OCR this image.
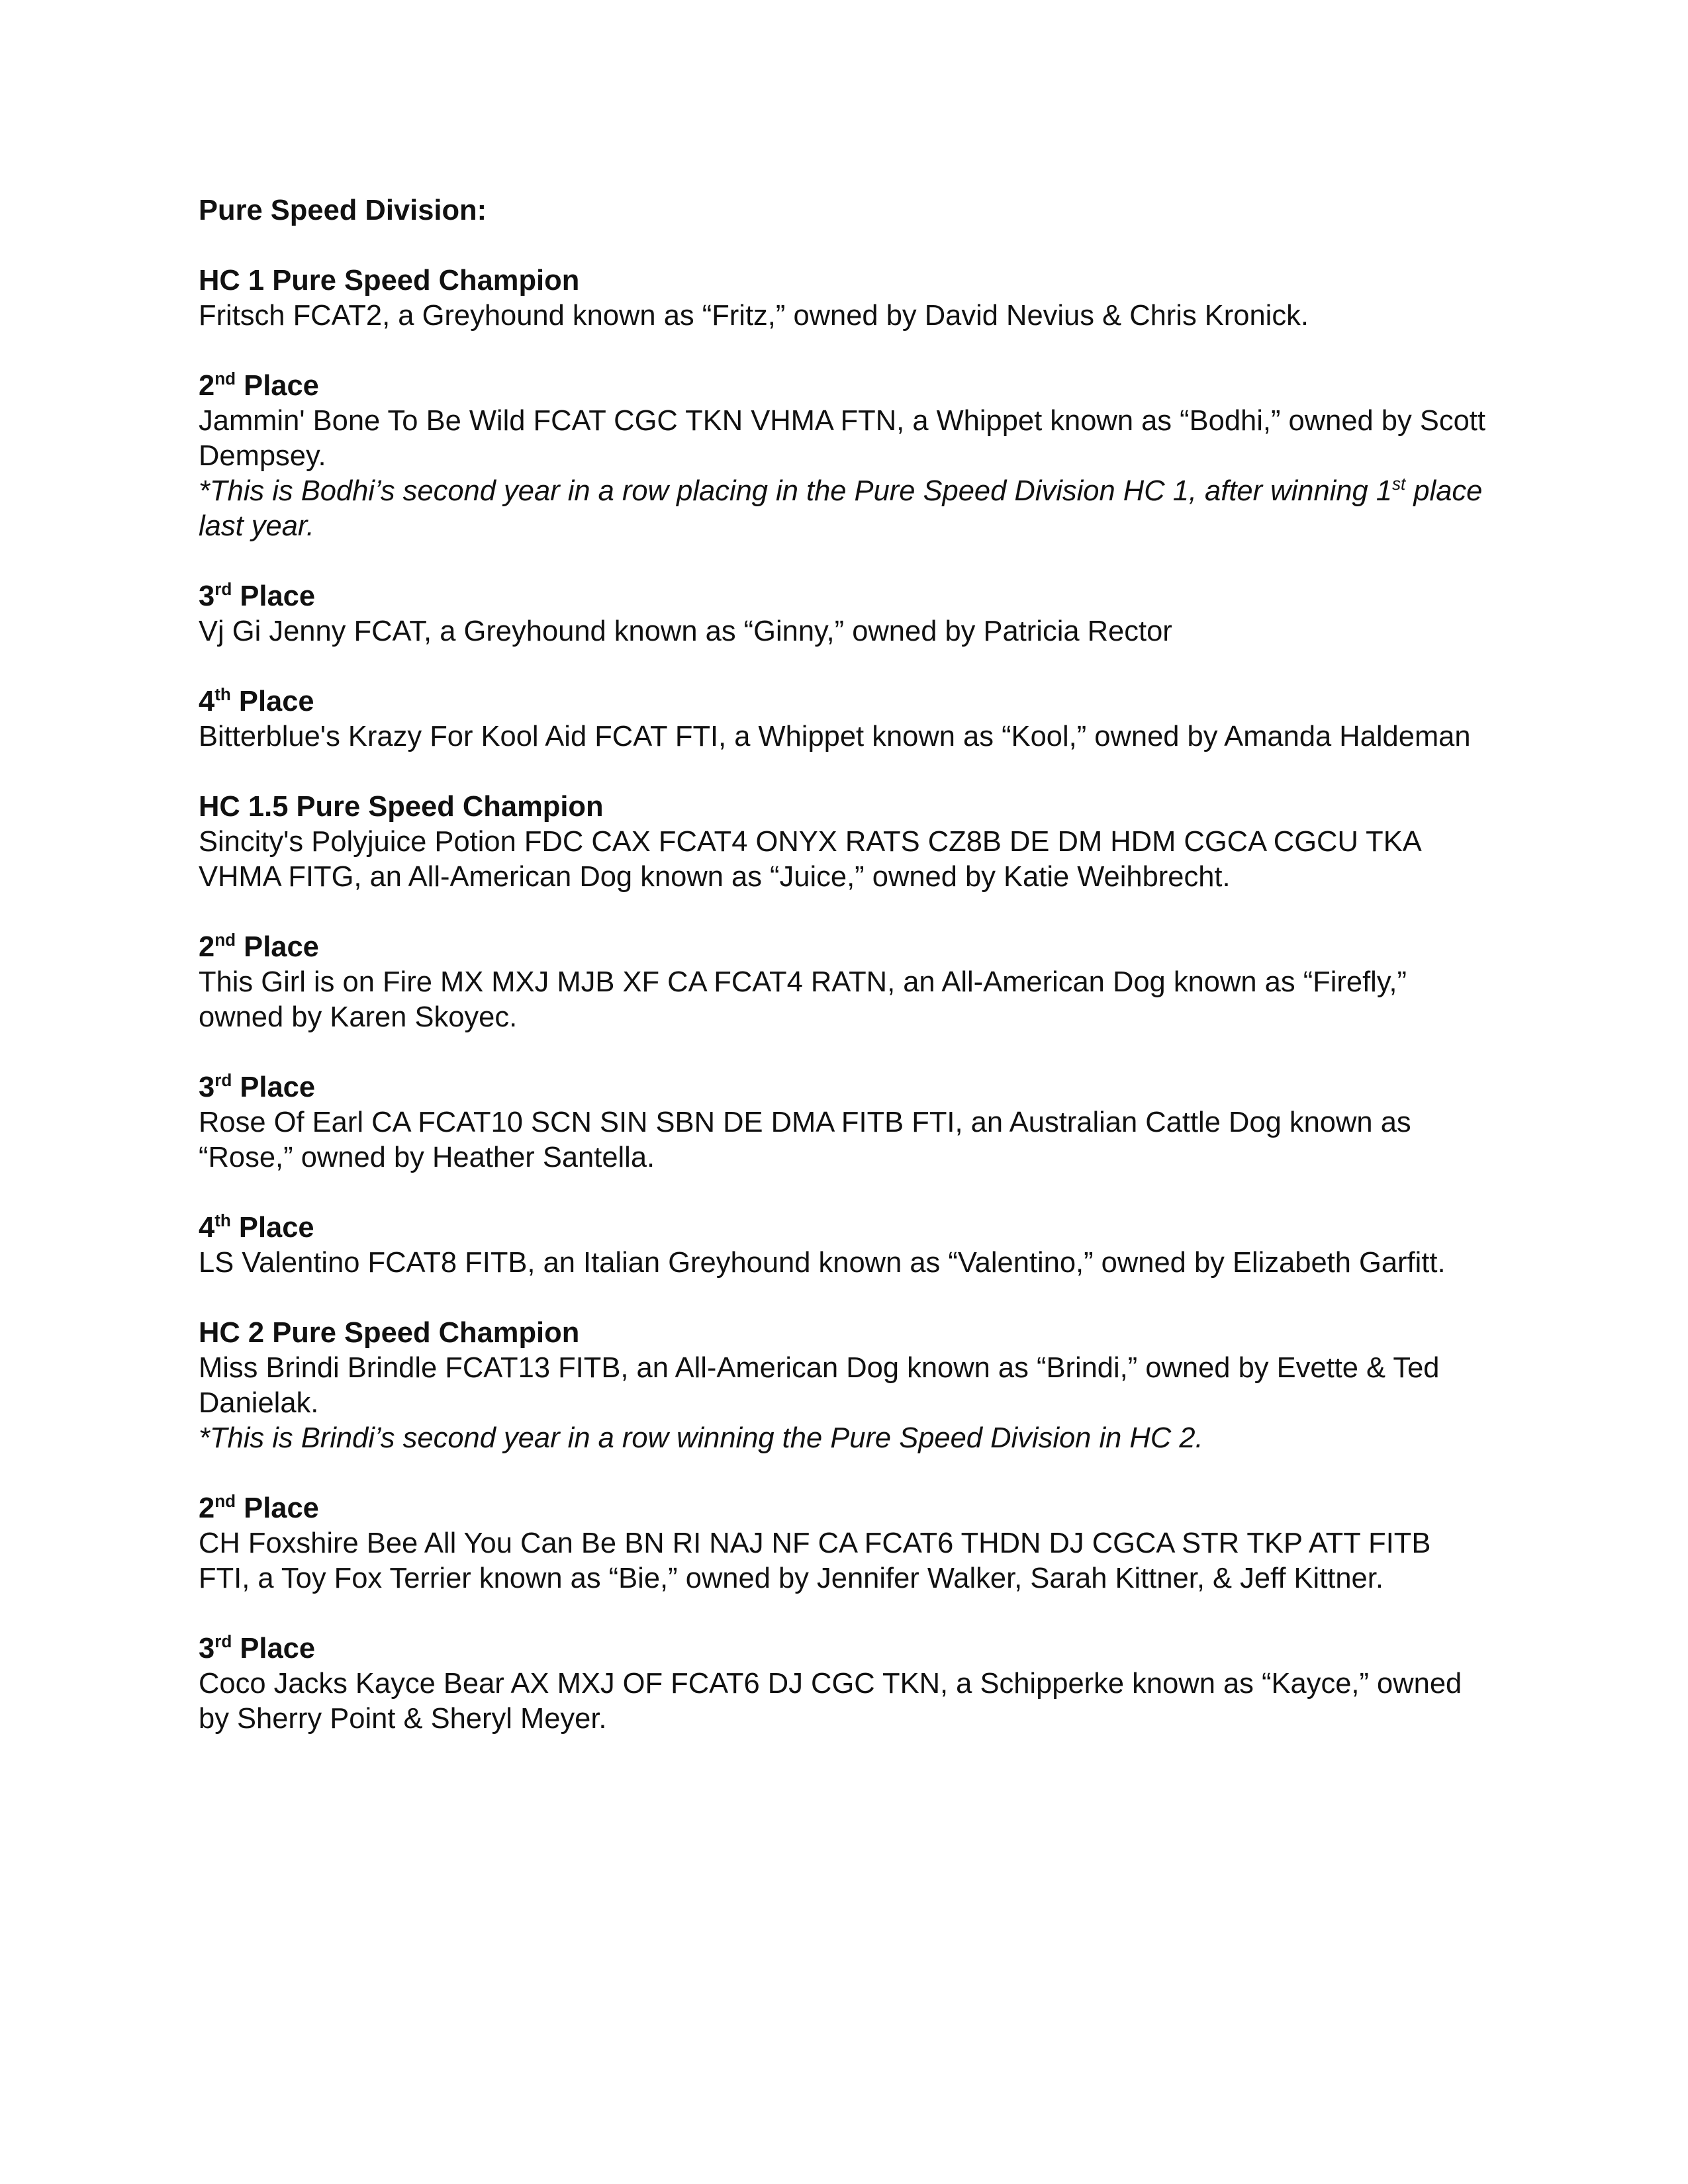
Pure Speed Division:

HC 1 Pure Speed Champion

Fritsch FCAT2, a Greyhound known as “Fritz,” owned by David Nevius & Chris Kronick.

2nd Place

Jammin' Bone To Be Wild FCAT CGC TKN VHMA FTN, a Whippet known as “Bodhi,” owned by Scott Dempsey.

*This is Bodhi’s second year in a row placing in the Pure Speed Division HC 1, after winning 1st place last year.

3rd Place

Vj Gi Jenny FCAT, a Greyhound known as “Ginny,” owned by Patricia Rector

4th Place

Bitterblue's Krazy For Kool Aid FCAT FTI, a Whippet known as “Kool,” owned by Amanda Haldeman

HC 1.5 Pure Speed Champion

Sincity's Polyjuice Potion FDC CAX FCAT4 ONYX RATS CZ8B DE DM HDM CGCA CGCU TKA VHMA FITG, an All-American Dog known as “Juice,” owned by Katie Weihbrecht.

2nd Place

This Girl is on Fire MX MXJ MJB XF CA FCAT4 RATN, an All-American Dog known as “Firefly,” owned by Karen Skoyec.

3rd Place

Rose Of Earl CA FCAT10 SCN SIN SBN DE DMA FITB FTI, an Australian Cattle Dog known as “Rose,” owned by Heather Santella.

4th Place

LS Valentino FCAT8 FITB, an Italian Greyhound known as “Valentino,” owned by Elizabeth Garfitt.

HC 2 Pure Speed Champion

Miss Brindi Brindle FCAT13 FITB, an All-American Dog known as “Brindi,” owned by Evette & Ted Danielak.

*This is Brindi’s second year in a row winning the Pure Speed Division in HC 2.

2nd Place

CH Foxshire Bee All You Can Be BN RI NAJ NF CA FCAT6 THDN DJ CGCA STR TKP ATT FITB FTI, a Toy Fox Terrier known as “Bie,” owned by Jennifer Walker, Sarah Kittner, & Jeff Kittner.

3rd Place

Coco Jacks Kayce Bear AX MXJ OF FCAT6 DJ CGC TKN, a Schipperke known as “Kayce,” owned by Sherry Point & Sheryl Meyer.
